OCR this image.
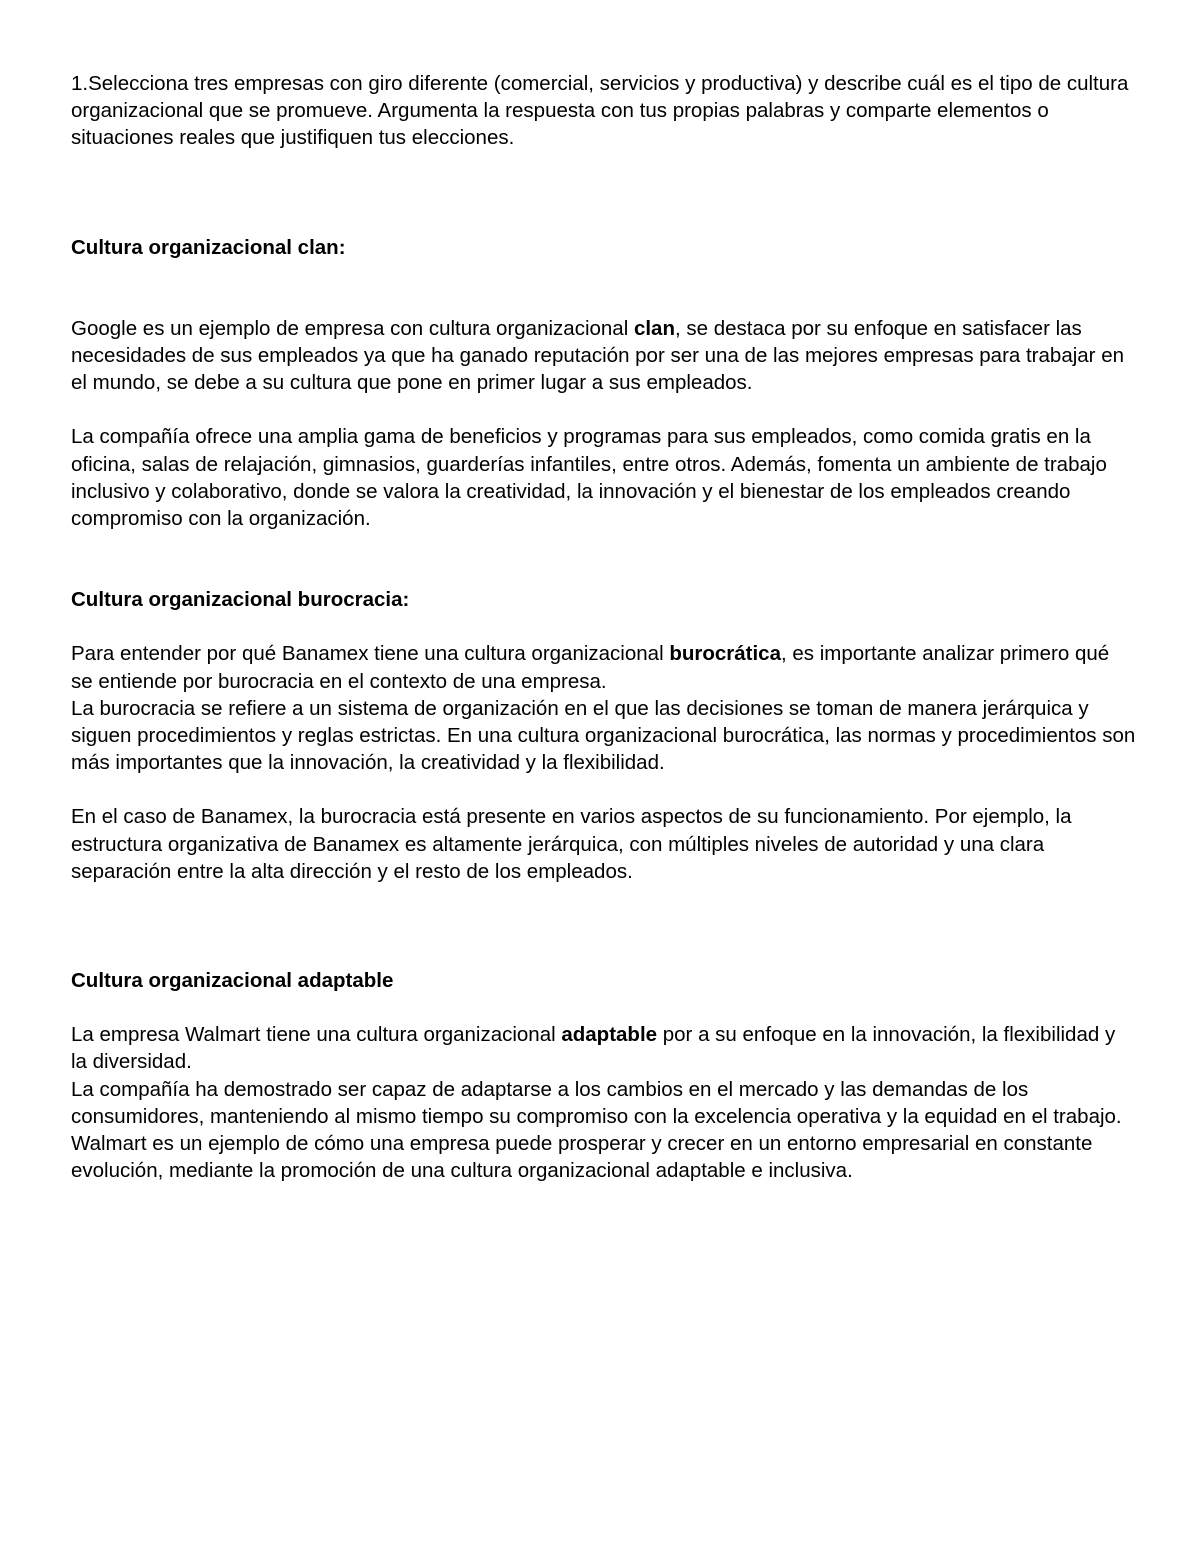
1.Selecciona tres empresas con giro diferente (comercial, servicios y productiva) y describe cuál es el tipo de cultura organizacional que se promueve. Argumenta la respuesta con tus propias palabras y comparte elementos o situaciones reales que justifiquen tus elecciones.

Cultura organizacional clan:

Google es un ejemplo de empresa con cultura organizacional clan, se destaca por su enfoque en satisfacer las necesidades de sus empleados ya que ha ganado reputación por ser una de las mejores empresas para trabajar en el mundo, se debe a su cultura que pone en primer lugar a sus empleados.

La compañía ofrece una amplia gama de beneficios y programas para sus empleados, como comida gratis en la oficina, salas de relajación, gimnasios, guarderías infantiles, entre otros. Además, fomenta un ambiente de trabajo inclusivo y colaborativo, donde se valora la creatividad, la innovación y el bienestar de los empleados creando compromiso con la organización.

Cultura organizacional burocracia:

Para entender por qué Banamex tiene una cultura organizacional burocrática, es importante analizar primero qué se entiende por burocracia en el contexto de una empresa.

La burocracia se refiere a un sistema de organización en el que las decisiones se toman de manera jerárquica y siguen procedimientos y reglas estrictas. En una cultura organizacional burocrática, las normas y procedimientos son más importantes que la innovación, la creatividad y la flexibilidad.

En el caso de Banamex, la burocracia está presente en varios aspectos de su funcionamiento. Por ejemplo, la estructura organizativa de Banamex es altamente jerárquica, con múltiples niveles de autoridad y una clara separación entre la alta dirección y el resto de los empleados.

Cultura organizacional adaptable

La empresa Walmart tiene una cultura organizacional adaptable por a su enfoque en la innovación, la flexibilidad y la diversidad.

La compañía ha demostrado ser capaz de adaptarse a los cambios en el mercado y las demandas de los consumidores, manteniendo al mismo tiempo su compromiso con la excelencia operativa y la equidad en el trabajo. Walmart es un ejemplo de cómo una empresa puede prosperar y crecer en un entorno empresarial en constante evolución, mediante la promoción de una cultura organizacional adaptable e inclusiva.
